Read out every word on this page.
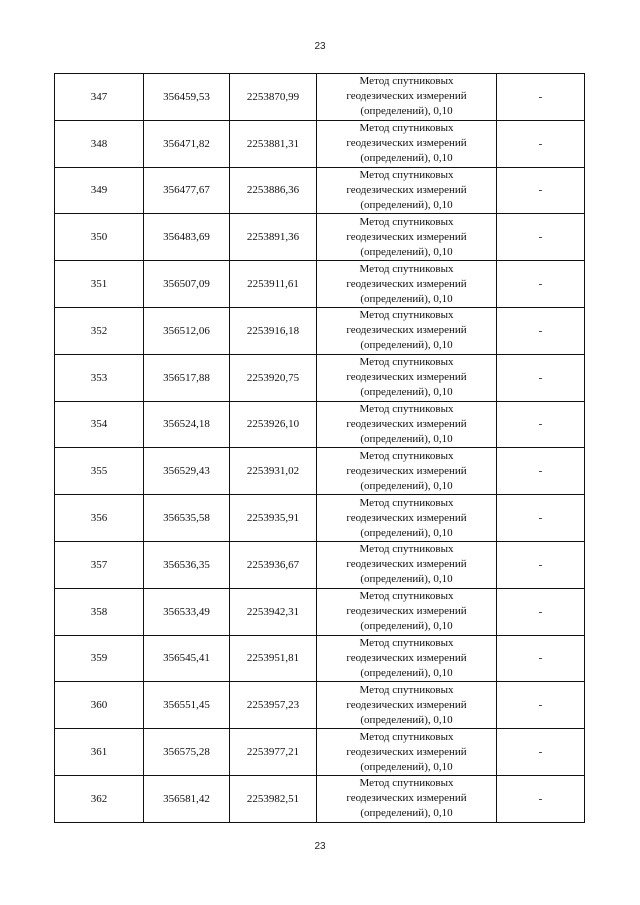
23
347	356459,53	2253870,99	Метод спутниковых
геодезических измерений
(определений), 0,10	-
348	356471,82	2253881,31	Метод спутниковых
геодезических измерений
(определений), 0,10	-
349	356477,67	2253886,36	Метод спутниковых
геодезических измерений
(определений), 0,10	-
350	356483,69	2253891,36	Метод спутниковых
геодезических измерений
(определений), 0,10	-
351	356507,09	2253911,61	Метод спутниковых
геодезических измерений
(определений), 0,10	-
352	356512,06	2253916,18	Метод спутниковых
геодезических измерений
(определений), 0,10	-
353	356517,88	2253920,75	Метод спутниковых
геодезических измерений
(определений), 0,10	-
354	356524,18	2253926,10	Метод спутниковых
геодезических измерений
(определений), 0,10	-
355	356529,43	2253931,02	Метод спутниковых
геодезических измерений
(определений), 0,10	-
356	356535,58	2253935,91	Метод спутниковых
геодезических измерений
(определений), 0,10	-
357	356536,35	2253936,67	Метод спутниковых
геодезических измерений
(определений), 0,10	-
358	356533,49	2253942,31	Метод спутниковых
геодезических измерений
(определений), 0,10	-
359	356545,41	2253951,81	Метод спутниковых
геодезических измерений
(определений), 0,10	-
360	356551,45	2253957,23	Метод спутниковых
геодезических измерений
(определений), 0,10	-
361	356575,28	2253977,21	Метод спутниковых
геодезических измерений
(определений), 0,10	-
362	356581,42	2253982,51	Метод спутниковых
геодезических измерений
(определений), 0,10	-
23
